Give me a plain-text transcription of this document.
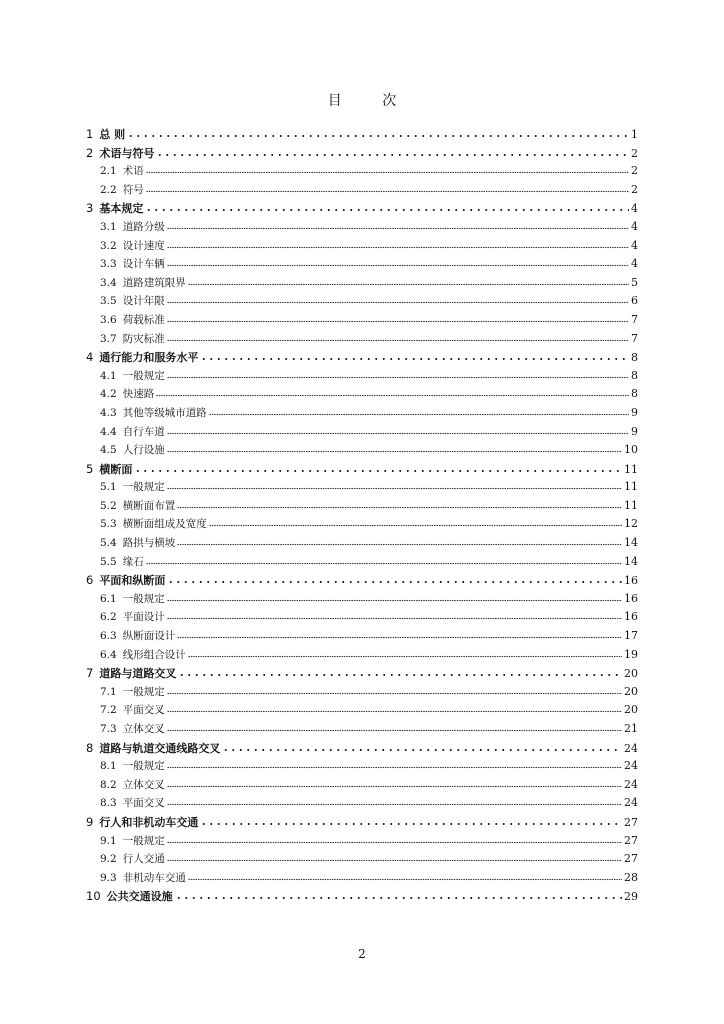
目 次
1 总 则	1
2 术语与符号	2
2.1 术语	2
2.2 符号	2
3 基本规定	4
3.1 道路分级	4
3.2 设计速度	4
3.3 设计车辆	4
3.4 道路建筑限界	5
3.5 设计年限	6
3.6 荷载标准	7
3.7 防灾标准	7
4 通行能力和服务水平	8
4.1 一般规定	8
4.2 快速路	8
4.3 其他等级城市道路	9
4.4 自行车道	9
4.5 人行设施	10
5 横断面	11
5.1 一般规定	11
5.2 横断面布置	11
5.3 横断面组成及宽度	12
5.4 路拱与横坡	14
5.5 缘石	14
6 平面和纵断面	16
6.1 一般规定	16
6.2 平面设计	16
6.3 纵断面设计	17
6.4 线形组合设计	19
7 道路与道路交叉	20
7.1 一般规定	20
7.2 平面交叉	20
7.3 立体交叉	21
8 道路与轨道交通线路交叉	24
8.1 一般规定	24
8.2 立体交叉	24
8.3 平面交叉	24
9 行人和非机动车交通	27
9.1 一般规定	27
9.2 行人交通	27
9.3 非机动车交通	28
10 公共交通设施	29
2
